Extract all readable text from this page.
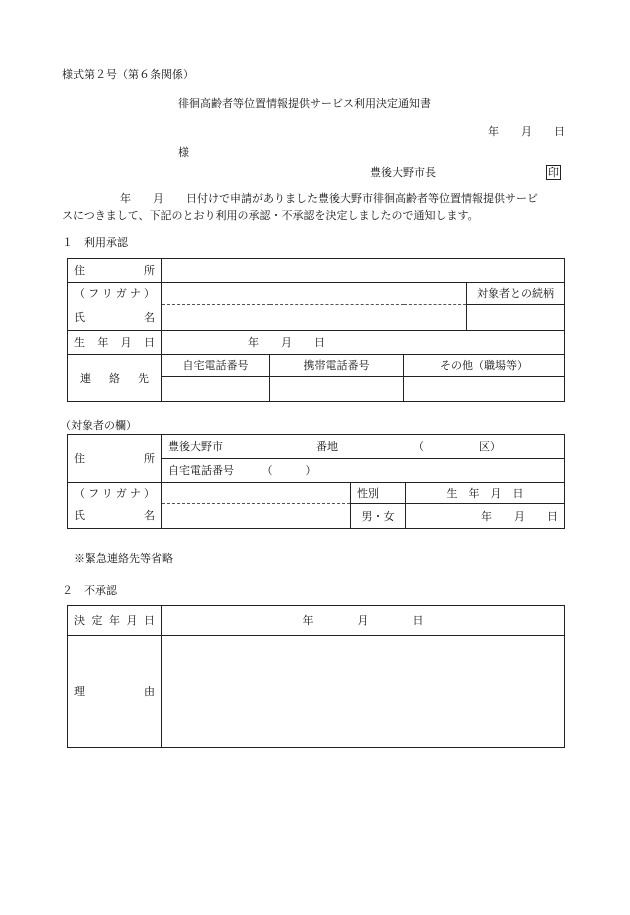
様式第２号（第６条関係）
徘徊高齢者等位置情報提供サービス利用決定通知書
年　　月　　日
様
豊後大野市長	印
年　　月　　日付けで申請がありました豊後大野市徘徊高齢者等位置情報提供サービ
スにつきまして、下記のとおり利用の承認・不承認を決定しましたので通知します。
１　利用承認
住　　　所				
（フリガナ）				対象者との続柄
氏　　　名				
生年月日	年　　月　　日			
連絡先	自宅電話番号	携帯電話番号	その他（職場等）	

（対象者の欄）
住　　　所	豊後大野市 番地 （　　　　　区）		
	自宅電話番号　　　（　　　）		
（フリガナ）		性別	生　年　月　日
氏　　　名		男・女	年　　月　　日
※緊急連絡先等省略
２　不承認
決定年月日	年　　　　月　　　　日
理　　　由	
